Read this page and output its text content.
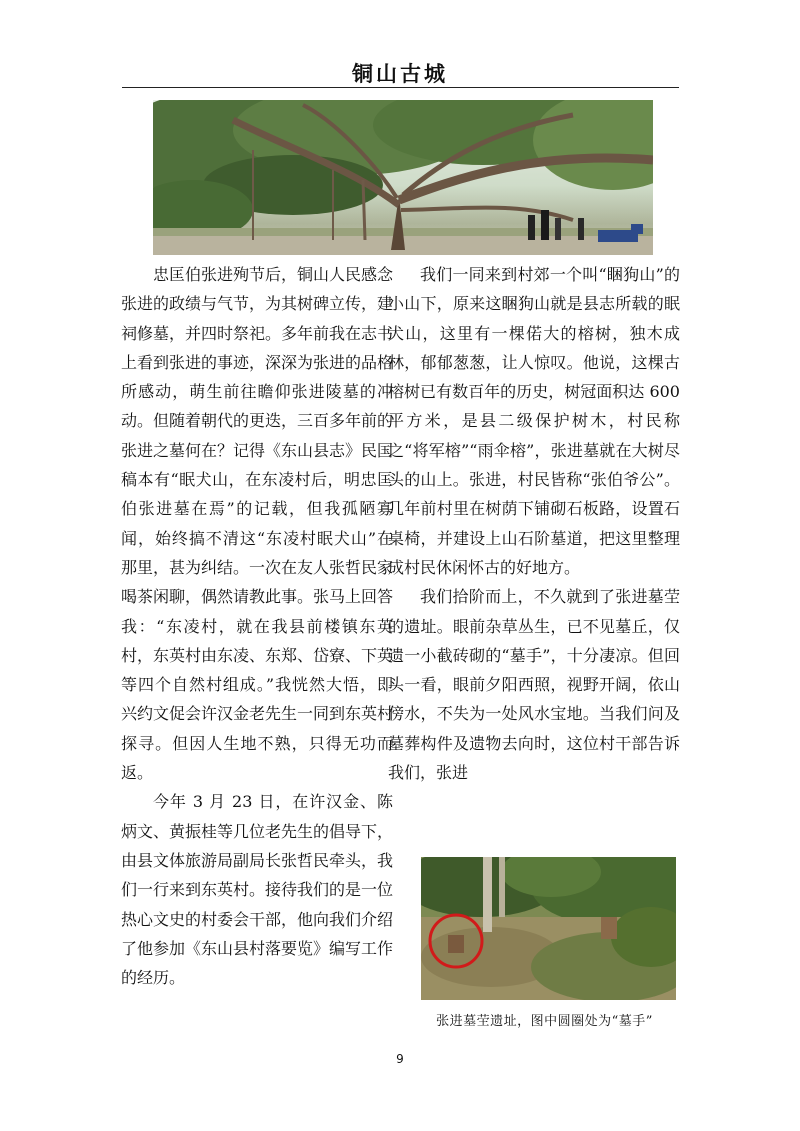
铜山古城

忠匡伯张进殉节后，铜山人民感念张进的政绩与气节，为其树碑立传，建祠修墓，并四时祭祀。多年前我在志书上看到张进的事迹，深深为张进的品格所感动，萌生前往瞻仰张进陵墓的冲动。但随着朝代的更迭，三百多年前的张进之墓何在？记得《东山县志》民国稿本有“眠犬山，在东凌村后，明忠匡伯张进墓在焉”的记载，但我孤陋寡闻，始终搞不清这“东凌村眠犬山”在那里，甚为纠结。一次在友人张哲民家喝茶闲聊，偶然请教此事。张马上回答我：“东凌村，就在我县前楼镇东英村，东英村由东凌、东郑、岱寮、下英等四个自然村组成。”我恍然大悟，即兴约文促会许汉金老先生一同到东英村探寻。但因人生地不熟，只得无功而返。

今年 3 月 23 日，在许汉金、陈炳文、黄振桂等几位老先生的倡导下，由县文体旅游局副局长张哲民牵头，我们一行来到东英村。接待我们的是一位热心文史的村委会干部，他向我们介绍了他参加《东山县村落要览》编写工作的经历。

我们一同来到村郊一个叫“睏狗山”的小山下，原来这睏狗山就是县志所载的眠犬山，这里有一棵偌大的榕树，独木成林，郁郁葱葱，让人惊叹。他说，这棵古榕树已有数百年的历史，树冠面积达 600 平方米，是县二级保护树木，村民称之“将军榕”“雨伞榕”，张进墓就在大树尽头的山上。张进，村民皆称“张伯爷公”。几年前村里在树荫下铺砌石板路，设置石桌椅，并建设上山石阶墓道，把这里整理成村民休闲怀古的好地方。

我们拾阶而上，不久就到了张进墓茔的遗址。眼前杂草丛生，已不见墓丘，仅遗一小截砖砌的“墓手”，十分凄凉。但回头一看，眼前夕阳西照，视野开阔，依山傍水，不失为一处风水宝地。当我们问及墓葬构件及遗物去向时，这位村干部告诉我们，张进

张进墓茔遗址，图中圆圈处为“墓手”
9
